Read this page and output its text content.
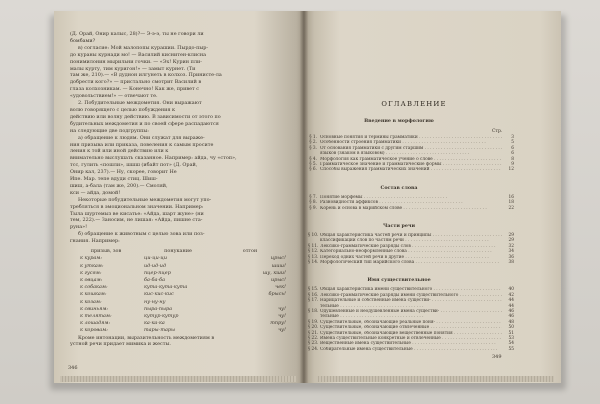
(Д. Орай, Онир калыс, 28)?— Э-э-э, ты не говори ли
бомбами?
в) согласие: Мой малопопы курашии. Пырдо-пыр-
до кураны курнади мо! — Василий киснитен-клисна
понимилонин мырильни гочки. — «Эх! Курин пли-
малы курту, тим куригон!» — замыт курнет. (Ти
там же, 210).— «В дуднон илгунеть в колхоз. Принисте-ла
добрести кого?» — пристально смотрит Василий в
глаза колхозникам. — Конечно! Как же, привет с
«удовольствием!» — отвечают те.
2. Побудительные междометия. Они выражают
волю говорящего с целью побуждения к
действию или волну действию. В зависимости от этого по
будительных междометия и по своей сфере распадаются
на следующие две подгруппы:
а) обращение к людям. Они служат для выраже-
ния призыва или приказа, повеления к самым просите
ления к той или иной действию или к
внимательно выслушать сказанное. Например: айда, чу «стоп»,
тсс, гулить «пошли», шшш (ибайт пот» (Д. Орай,
Онир кал, 237).— Ну, скорее, говорит Не
Ипе. Мар. тепе вдуди стиц. Шиш-
шиш, а-бала (там же, 200).— Смоляй,
кси — айда, домой!
Некоторые побудительные междометия могут упо-
требляться в эмоциональном значении. Например:
Тыла шуртемыз ве кисатье: «Айда, шарт жуне» (ни
тем, 222).— Заносим, не лишая: «Айда, пишне ста-
руна»!
б) обращение к животным с целью зова или поз-
гнания. Например:
призыв, зов	понукание	отгон
к курам:	ци-ци-ци	црыс!
к уткам:	ид-ид-ид	шиш!
к гусям:	пцер-пцер	шу, кши!
к овцам:	ба-ба-ба	ирыс!
к собакам:	кута-кута-кута	чек!
к кошкам:	кис-кис-кис	брысь!
к козам:	ну-ну-ну
к свиньям:	пыра-пыра	чу!
к телятам:	кутур-кутур	чу!
к лошадям:	ка-ка-ка	тпру!
к коровам:	тары-тары	чу!
Кроме интонации, выразительность междометиям в
устной речи придает мимика и жесты.
346
ОГЛАВЛЕНИЕ
Стр.
Введение в морфологию
§ 1. Основные понятия и термины грамматики . . .	3
§ 2. Особенности строения грамматики . . .	5
§ 3. От основания грамматики с другим старшим . . .	6
языков (знаком в языковом) . . .	6
§ 4. Морфология как грамматическое учение о слове . . .	8
§ 5. Грамматическое значение и грамматические формы . . .	9
§ 6. Способы выражения грамматических значений . . .	12
Состав слова
§ 7. Понятие морфемы . . .	16
§ 8. Разновидности аффиксов . . .	18
§ 9. Корень и основа в марийском слове . . .	22
Части речи
§ 10. Общая характеристика частей речи и принципы . . .	29
классификации слов по частям речи . . .	29
§ 11. Лексико-грамматические разряды слов . . .	32
§ 12. Категориально-неоформленные слова . . .	34
§ 13. Переход одних частей речи в другие . . .	36
§ 14. Морфологический тип марийского слова . . .	38
Имя существительное
§ 15. Общая характеристика имени существительного . . .	40
§ 16. Лексико-грамматические разряды имени существительного . . .	42
§ 17. Нарицательные и собственные имена существи- . . .	44
тельные . . .	44
§ 18. Одушевленные и неодушевленные имена существи- . . .	46
тельные . . .	46
§ 19. Существительные, обозначающие реальные поня- . . .	48
§ 20. Существительные, обозначающие отвлеченные . . .	50
§ 21. Существительные, обозначающие вещественные понятия . . .	51
§ 22. Имена существительные конкретные и отвлеченные . . .	53
§ 23. Вещественные имена существительные . . .	54
§ 24. Собирательные имена существительные . . .	55
349
